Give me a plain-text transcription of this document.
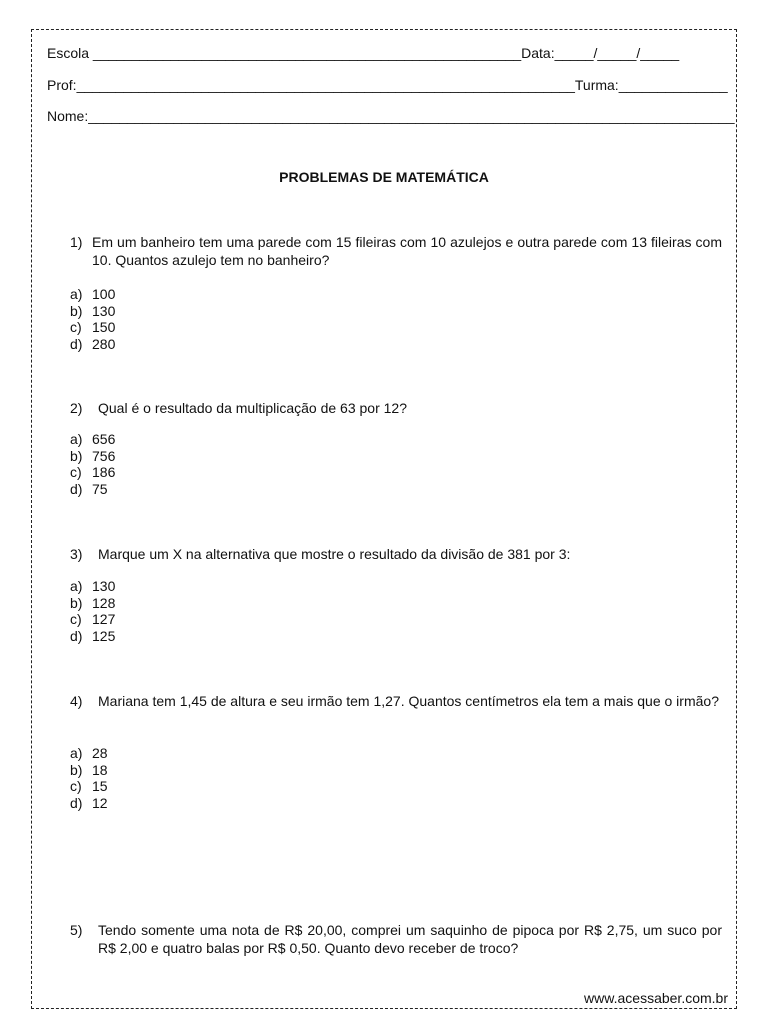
Escola _______________________________________________________Data:_____/_____/_____
Prof:________________________________________________________________Turma:______________
Nome:___________________________________________________________________________________
PROBLEMAS DE MATEMÁTICA
1) Em um banheiro tem uma parede com 15 fileiras com 10 azulejos e outra parede com 13 fileiras com 10. Quantos azulejo tem no banheiro?
a) 100
b) 130
c) 150
d) 280
2)	Qual é o resultado da multiplicação de 63 por 12?
a) 656
b) 756
c) 186
d) 75
3)	Marque um X na alternativa que mostre o resultado da divisão de 381 por 3:
a) 130
b) 128
c) 127
d) 125
4)	Mariana tem 1,45 de altura e seu irmão tem 1,27. Quantos centímetros ela tem a mais que o irmão?
a) 28
b) 18
c) 15
d) 12
5)	Tendo somente uma nota de R$ 20,00, comprei um saquinho de pipoca por R$ 2,75, um suco por R$ 2,00 e quatro balas por R$ 0,50. Quanto devo receber de troco?
www.acessaber.com.br
